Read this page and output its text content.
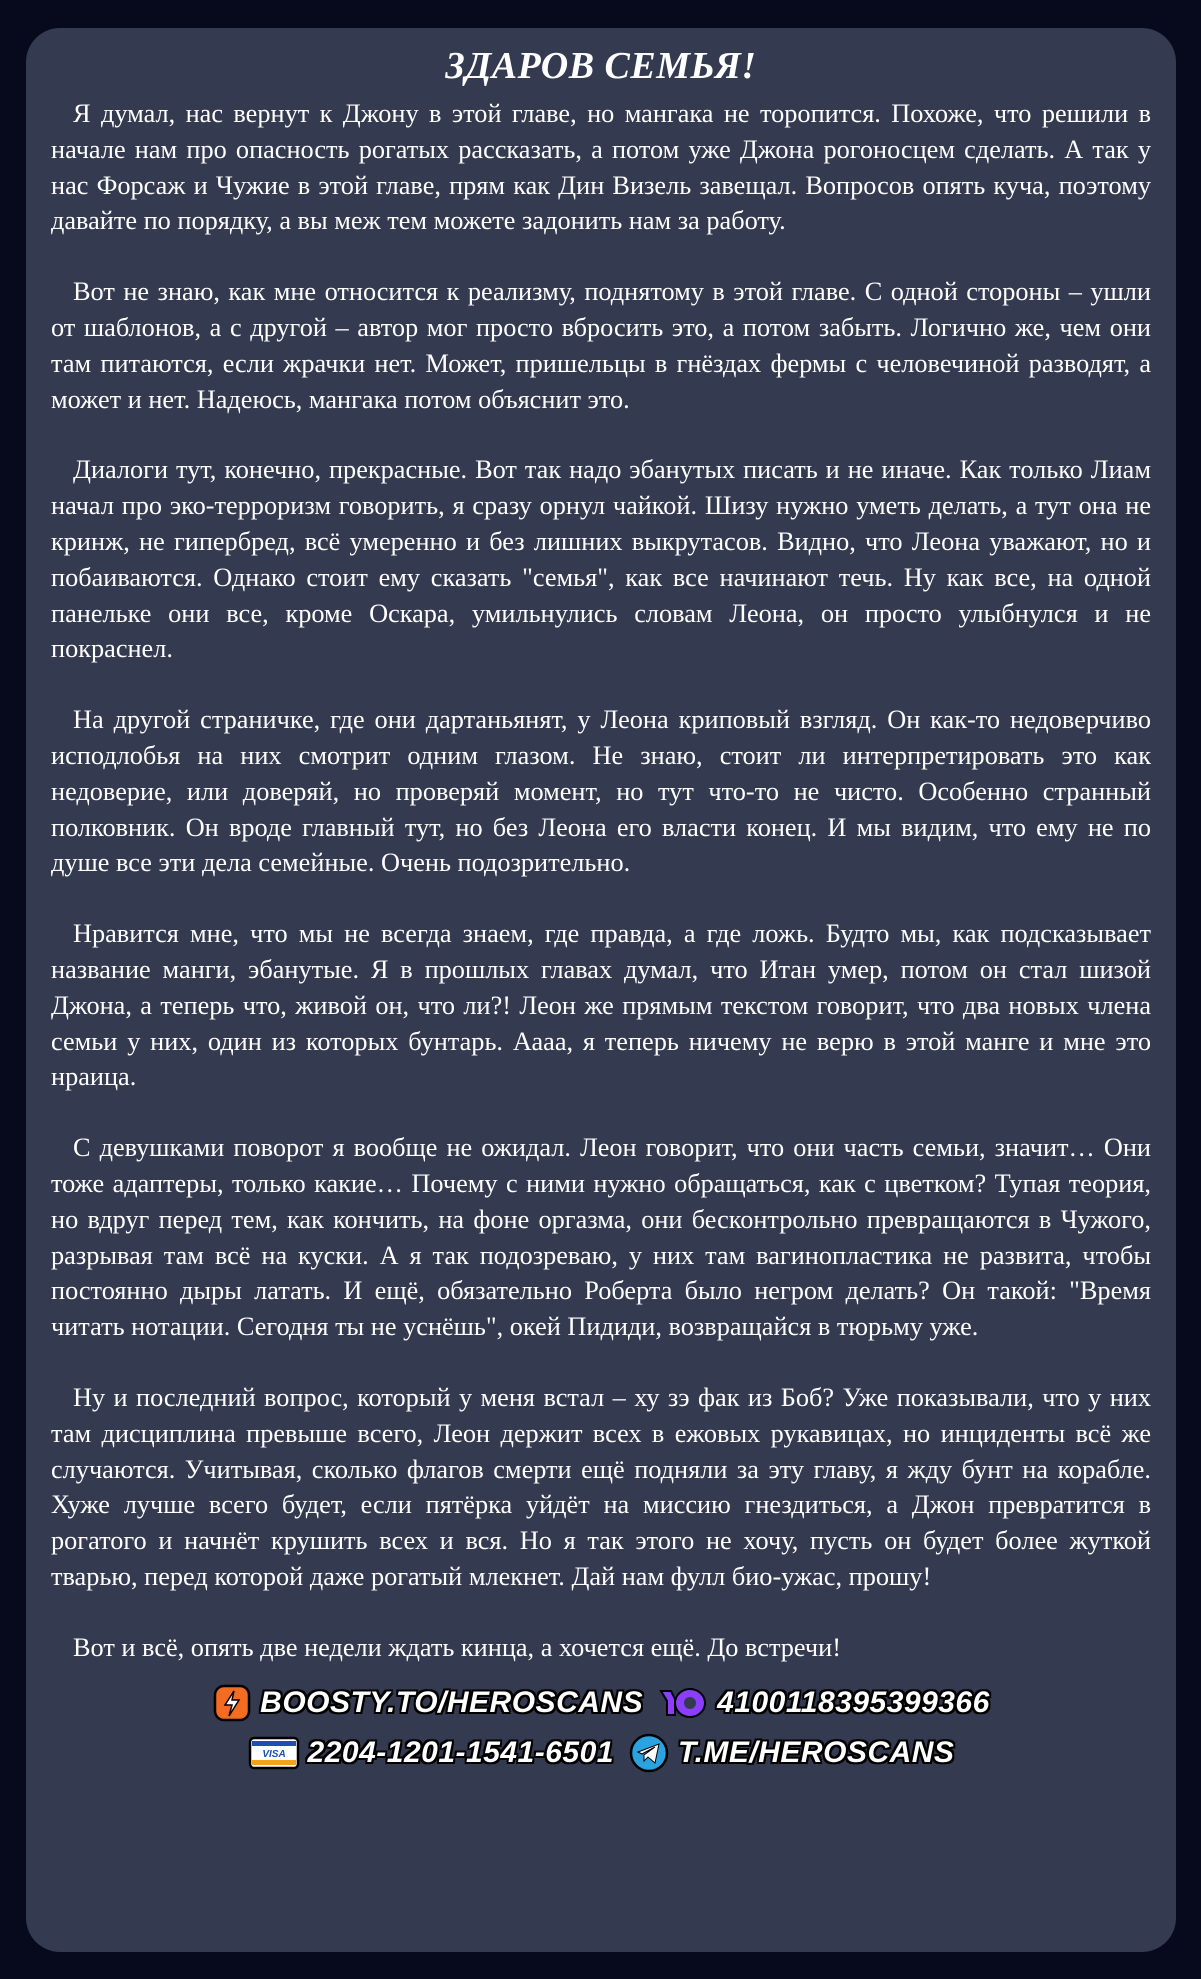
ЗДАРОВ СЕМЬЯ!

Я думал, нас вернут к Джону в этой главе, но мангака не торопится. Похоже, что решили в начале нам про опасность рогатых рассказать, а потом уже Джона рогоносцем сделать. А так у нас Форсаж и Чужие в этой главе, прям как Дин Визель завещал. Вопросов опять куча, поэтому давайте по порядку, а вы меж тем можете задонить нам за работу.

Вот не знаю, как мне относится к реализму, поднятому в этой главе. С одной стороны – ушли от шаблонов, а с другой – автор мог просто вбросить это, а потом забыть. Логично же, чем они там питаются, если жрачки нет. Может, пришельцы в гнёздах фермы с человечиной разводят, а может и нет. Надеюсь, мангака потом объяснит это.

Диалоги тут, конечно, прекрасные. Вот так надо эбанутых писать и не иначе. Как только Лиам начал про эко-терроризм говорить, я сразу орнул чайкой. Шизу нужно уметь делать, а тут она не кринж, не гипербред, всё умеренно и без лишних выкрутасов. Видно, что Леона уважают, но и побаиваются. Однако стоит ему сказать "семья", как все начинают течь. Ну как все, на одной панельке они все, кроме Оскара, умильнулись словам Леона, он просто улыбнулся и не покраснел.

На другой страничке, где они дартаньянят, у Леона криповый взгляд. Он как-то недоверчиво исподлобья на них смотрит одним глазом. Не знаю, стоит ли интерпретировать это как недоверие, или доверяй, но проверяй момент, но тут что-то не чисто. Особенно странный полковник. Он вроде главный тут, но без Леона его власти конец. И мы видим, что ему не по душе все эти дела семейные. Очень подозрительно.

Нравится мне, что мы не всегда знаем, где правда, а где ложь. Будто мы, как подсказывает название манги, эбанутые. Я в прошлых главах думал, что Итан умер, потом он стал шизой Джона, а теперь что, живой он, что ли?! Леон же прямым текстом говорит, что два новых члена семьи у них, один из которых бунтарь. Аааа, я теперь ничему не верю в этой манге и мне это нраица.

С девушками поворот я вообще не ожидал. Леон говорит, что они часть семьи, значит… Они тоже адаптеры, только какие… Почему с ними нужно обращаться, как с цветком? Тупая теория, но вдруг перед тем, как кончить, на фоне оргазма, они бесконтрольно превращаются в Чужого, разрывая там всё на куски. А я так подозреваю, у них там вагинопластика не развита, чтобы постоянно дыры латать. И ещё, обязательно Роберта было негром делать? Он такой: "Время читать нотации. Сегодня ты не уснёшь", окей Пидиди, возвращайся в тюрьму уже.

Ну и последний вопрос, который у меня встал – ху зэ фак из Боб? Уже показывали, что у них там дисциплина превыше всего, Леон держит всех в ежовых рукавицах, но инциденты всё же случаются. Учитывая, сколько флагов смерти ещё подняли за эту главу, я жду бунт на корабле. Хуже лучше всего будет, если пятёрка уйдёт на миссию гнездиться, а Джон превратится в рогатого и начнёт крушить всех и вся. Но я так этого не хочу, пусть он будет более жуткой тварью, перед которой даже рогатый млекнет. Дай нам фулл био-ужас, прошу!

Вот и всё, опять две недели ждать кинца, а хочется ещё. До встречи!

BOOSTY.TO/HEROSCANS 4100118395399366
VISA 2204-1201-1541-6501 T.ME/HEROSCANS
